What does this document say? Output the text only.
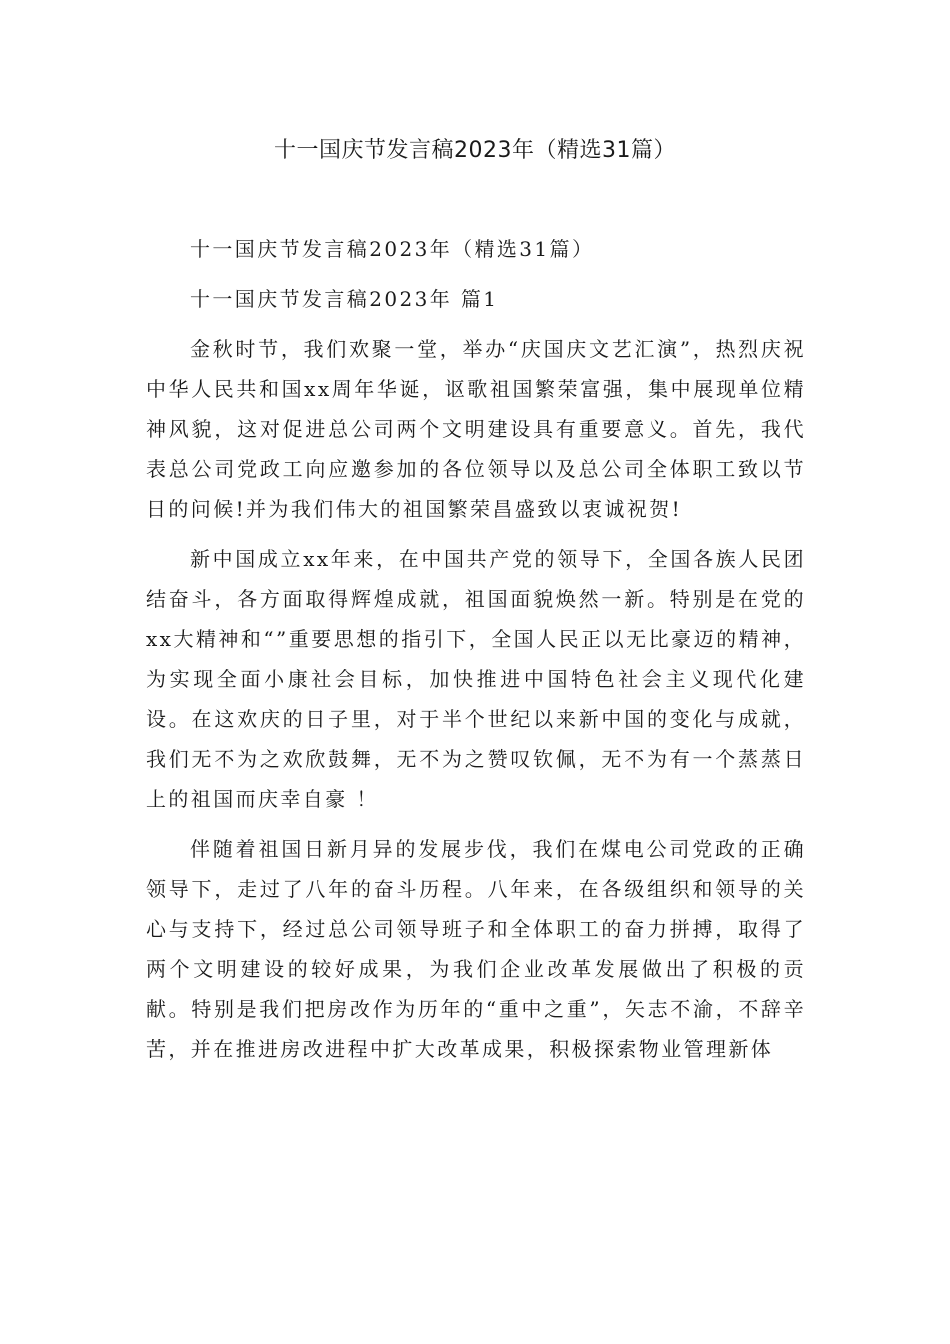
十一国庆节发言稿2023年（精选31篇）

十一国庆节发言稿2023年（精选31篇）

十一国庆节发言稿2023年 篇1

金秋时节，我们欢聚一堂，举办“庆国庆文艺汇演”，热烈庆祝中华人民共和国xx周年华诞，讴歌祖国繁荣富强，集中展现单位精神风貌，这对促进总公司两个文明建设具有重要意义。首先，我代表总公司党政工向应邀参加的各位领导以及总公司全体职工致以节日的问候!并为我们伟大的祖国繁荣昌盛致以衷诚祝贺!

新中国成立xx年来，在中国共产党的领导下，全国各族人民团结奋斗，各方面取得辉煌成就，祖国面貌焕然一新。特别是在党的xx大精神和“”重要思想的指引下，全国人民正以无比豪迈的精神，为实现全面小康社会目标，加快推进中国特色社会主义现代化建设。在这欢庆的日子里，对于半个世纪以来新中国的变化与成就，我们无不为之欢欣鼓舞，无不为之赞叹钦佩，无不为有一个蒸蒸日上的祖国而庆幸自豪 ！

伴随着祖国日新月异的发展步伐，我们在煤电公司党政的正确领导下，走过了八年的奋斗历程。八年来，在各级组织和领导的关心与支持下，经过总公司领导班子和全体职工的奋力拼搏，取得了两个文明建设的较好成果，为我们企业改革发展做出了积极的贡献。特别是我们把房改作为历年的“重中之重”，矢志不渝，不辞辛苦，并在推进房改进程中扩大改革成果，积极探索物业管理新体
